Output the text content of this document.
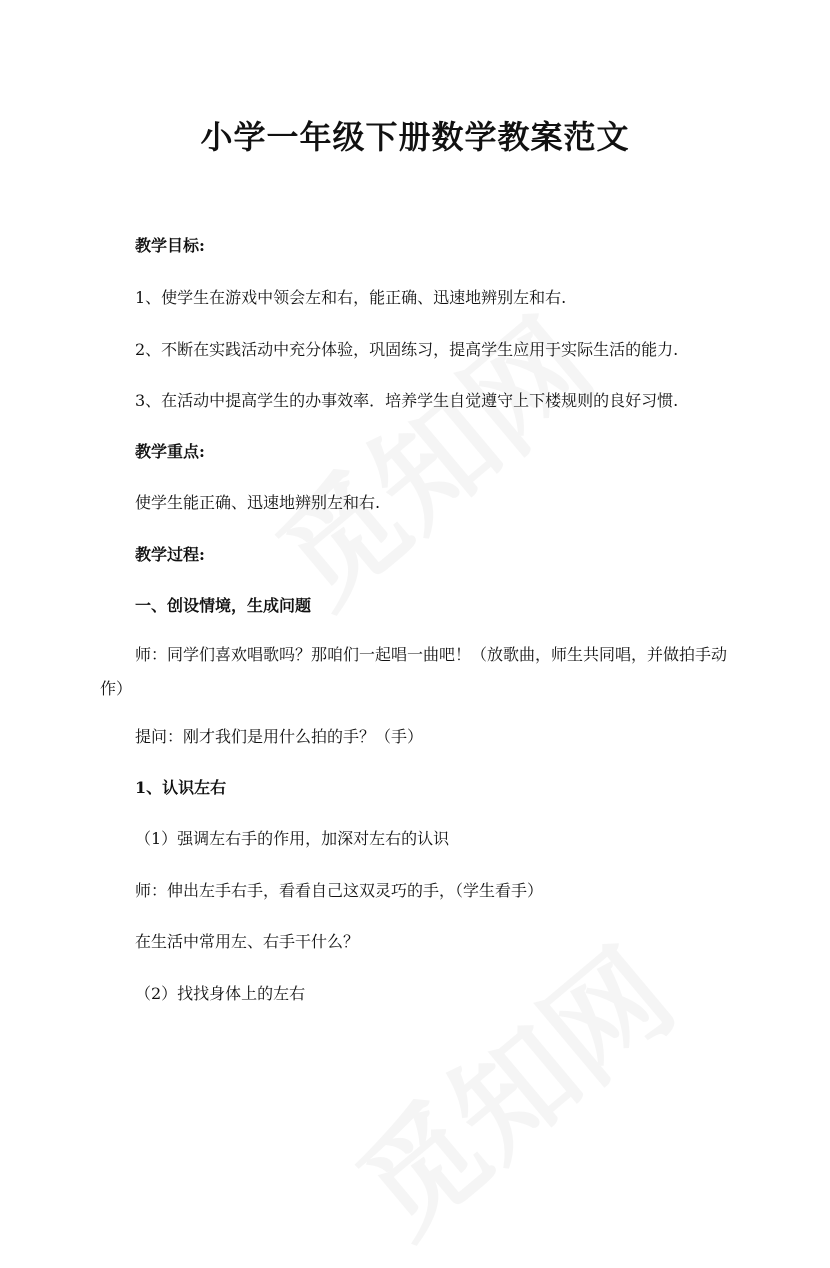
小学一年级下册数学教案范文
教学目标:
1、使学生在游戏中领会左和右，能正确、迅速地辨别左和右.
2、不断在实践活动中充分体验，巩固练习，提高学生应用于实际生活的能力.
3、在活动中提高学生的办事效率．培养学生自觉遵守上下楼规则的良好习惯.
教学重点:
使学生能正确、迅速地辨别左和右.
教学过程:
一、创设情境，生成问题
师：同学们喜欢唱歌吗？那咱们一起唱一曲吧！（放歌曲，师生共同唱，并做拍手动作）
提问：刚才我们是用什么拍的手？（手）
1、认识左右
（1）强调左右手的作用，加深对左右的认识
师：伸出左手右手，看看自己这双灵巧的手，（学生看手）
在生活中常用左、右手干什么？
（2）找找身体上的左右
